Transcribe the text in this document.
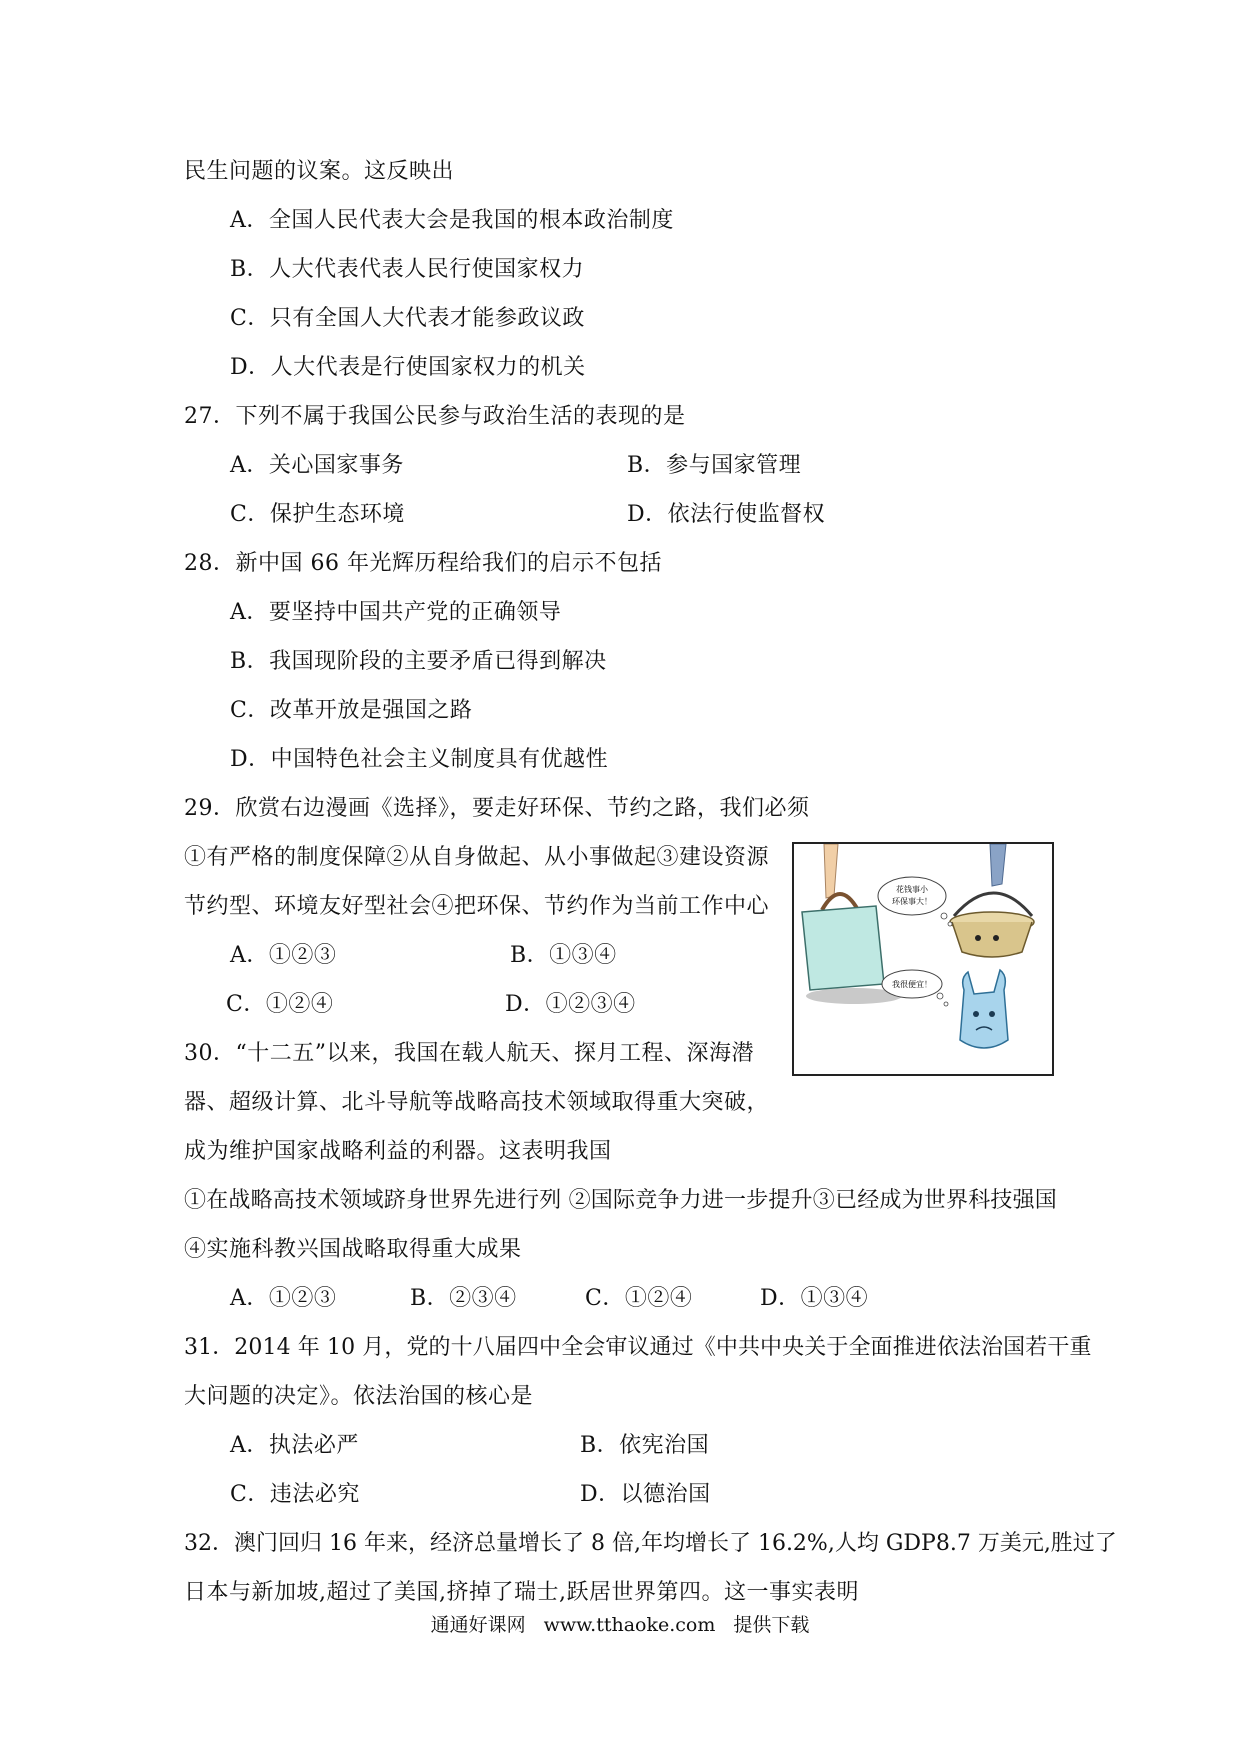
民生问题的议案。这反映出
A．全国人民代表大会是我国的根本政治制度
B．人大代表代表人民行使国家权力
C．只有全国人大代表才能参政议政
D．人大代表是行使国家权力的机关
27．下列不属于我国公民参与政治生活的表现的是
A．关心国家事务	B．参与国家管理
C．保护生态环境	D．依法行使监督权
28．新中国 66 年光辉历程给我们的启示不包括
A．要坚持中国共产党的正确领导
B．我国现阶段的主要矛盾已得到解决
C．改革开放是强国之路
D．中国特色社会主义制度具有优越性
29．欣赏右边漫画《选择》，要走好环保、节约之路，我们必须
①有严格的制度保障②从自身做起、从小事做起③建设资源
节约型、环境友好型社会④把环保、节约作为当前工作中心
A．①②③	B．①③④
C．①②④	D．①②③④
花钱事小
环保事大！
我很便宜！
30．“十二五”以来，我国在载人航天、探月工程、深海潜
器、超级计算、北斗导航等战略高技术领域取得重大突破，
成为维护国家战略利益的利器。这表明我国
①在战略高技术领域跻身世界先进行列 ②国际竞争力进一步提升③已经成为世界科技强国
④实施科教兴国战略取得重大成果
A．①②③	B．②③④	C．①②④	D．①③④
31．2014 年 10 月，党的十八届四中全会审议通过《中共中央关于全面推进依法治国若干重
大问题的决定》。依法治国的核心是
A．执法必严	B．依宪治国
C．违法必究	D．以德治国
32．澳门回归 16 年来，经济总量增长了 8 倍,年均增长了 16.2%,人均 GDP8.7 万美元,胜过了
日本与新加坡,超过了美国,挤掉了瑞士,跃居世界第四。这一事实表明
通通好课网 www.tthaoke.com 提供下载
